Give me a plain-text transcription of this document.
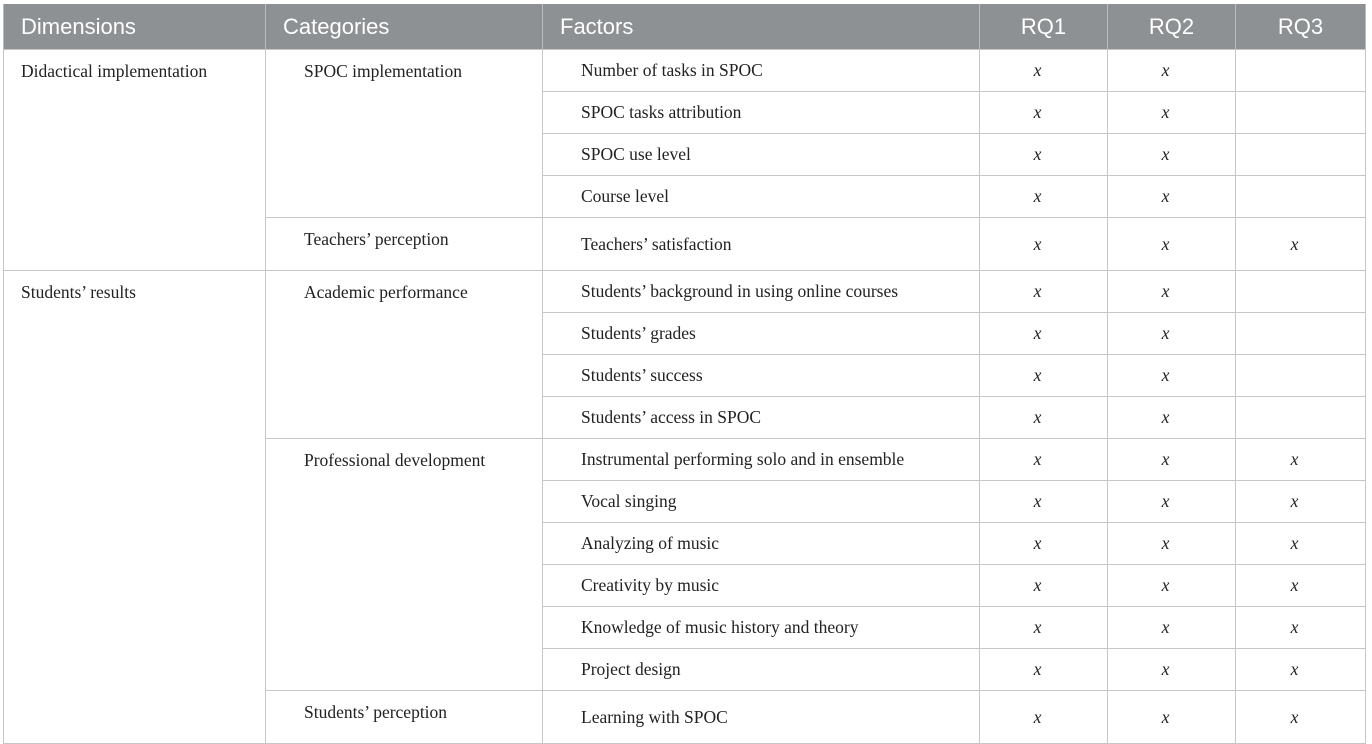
Dimensions	Categories	Factors	RQ1	RQ2	RQ3
Didactical implementation	SPOC implementation	Number of tasks in SPOC	x	x	
		SPOC tasks attribution	x	x	
		SPOC use level	x	x	
		Course level	x	x	
	Teachers’ perception	Teachers’ satisfaction	x	x	x
Students’ results	Academic performance	Students’ background in using online courses	x	x	
		Students’ grades	x	x	
		Students’ success	x	x	
		Students’ access in SPOC	x	x	
	Professional development	Instrumental performing solo and in ensemble	x	x	x
		Vocal singing	x	x	x
		Analyzing of music	x	x	x
		Creativity by music	x	x	x
		Knowledge of music history and theory	x	x	x
		Project design	x	x	x
	Students’ perception	Learning with SPOC	x	x	x
